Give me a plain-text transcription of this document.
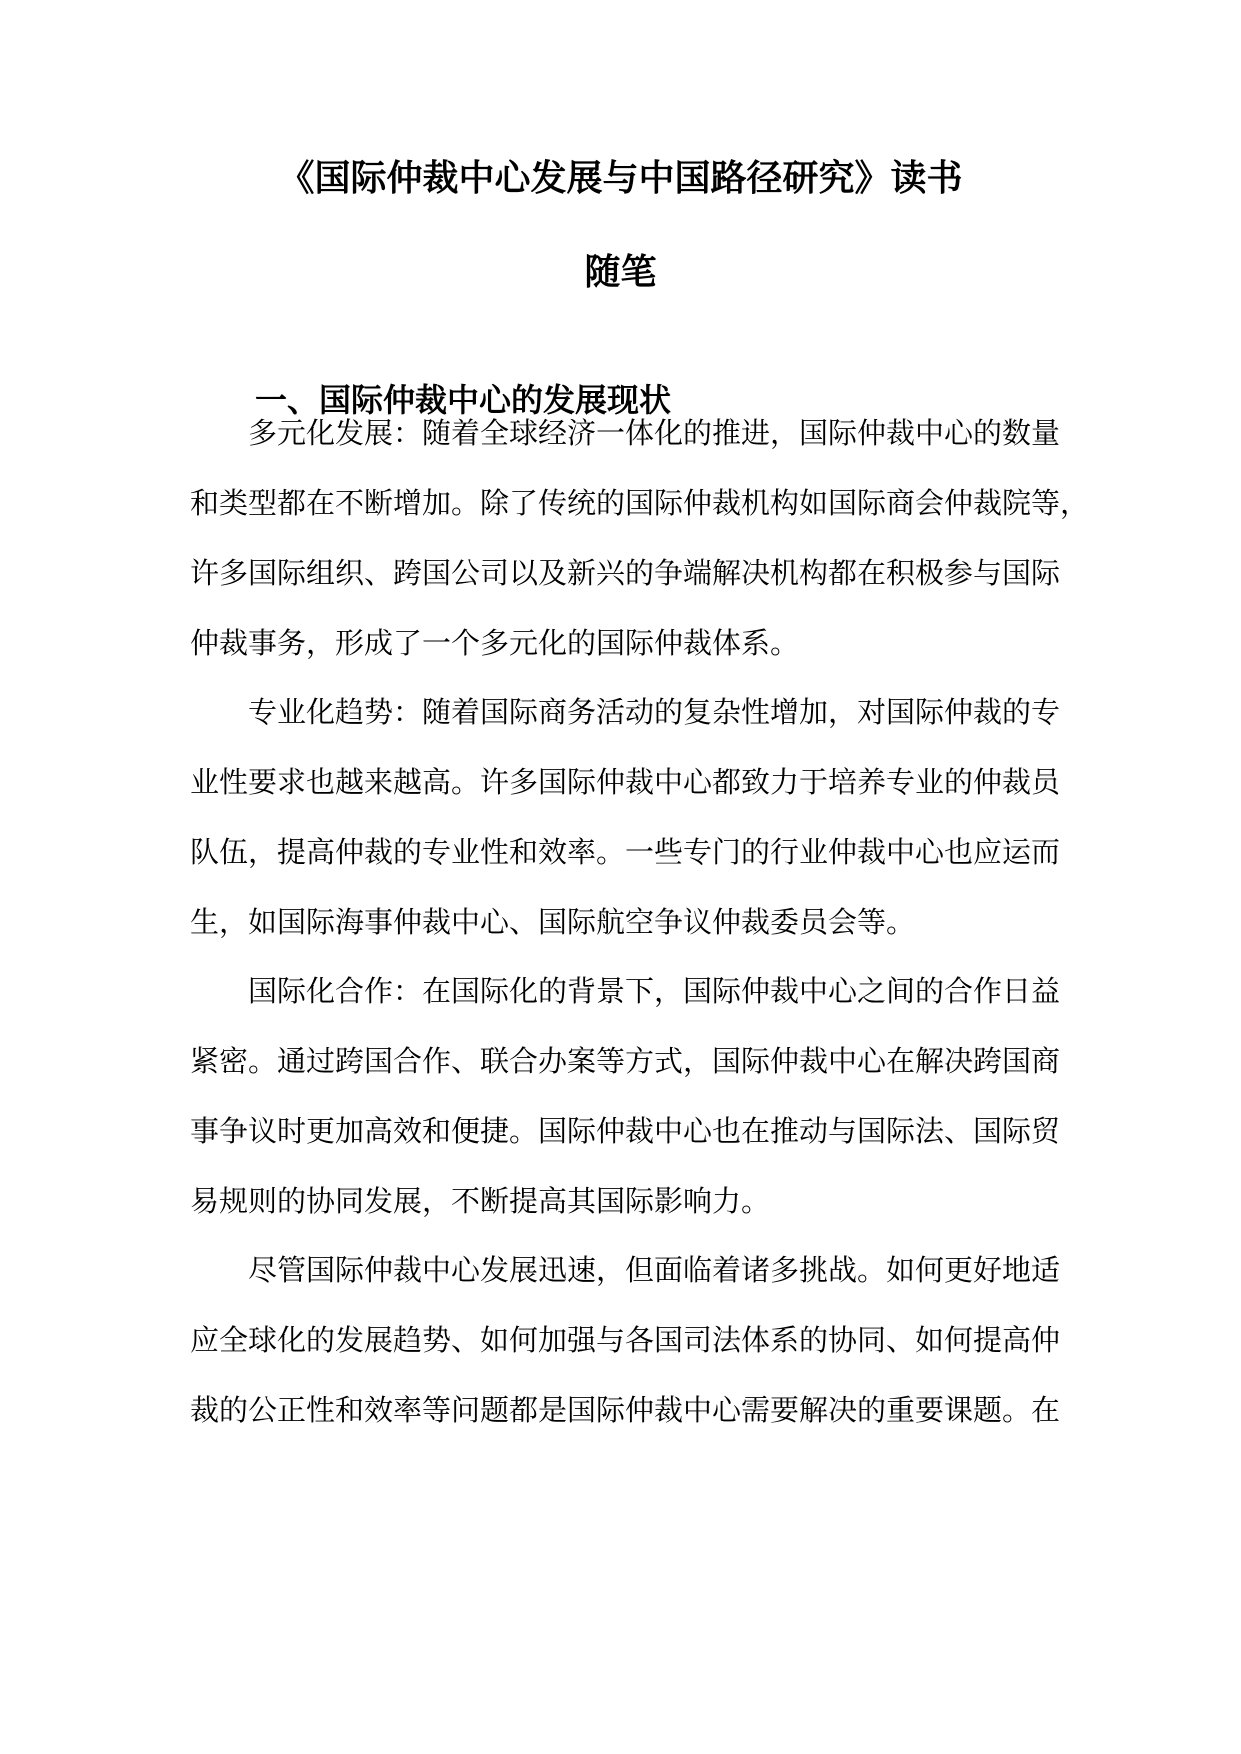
《国际仲裁中心发展与中国路径研究》读书
随笔
一、国际仲裁中心的发展现状

多元化发展：随着全球经济一体化的推进，国际仲裁中心的数量

和类型都在不断增加。除了传统的国际仲裁机构如国际商会仲裁院等，

许多国际组织、跨国公司以及新兴的争端解决机构都在积极参与国际

仲裁事务，形成了一个多元化的国际仲裁体系。

专业化趋势：随着国际商务活动的复杂性增加，对国际仲裁的专

业性要求也越来越高。许多国际仲裁中心都致力于培养专业的仲裁员

队伍，提高仲裁的专业性和效率。一些专门的行业仲裁中心也应运而

生，如国际海事仲裁中心、国际航空争议仲裁委员会等。

国际化合作：在国际化的背景下，国际仲裁中心之间的合作日益

紧密。通过跨国合作、联合办案等方式，国际仲裁中心在解决跨国商

事争议时更加高效和便捷。国际仲裁中心也在推动与国际法、国际贸

易规则的协同发展，不断提高其国际影响力。

尽管国际仲裁中心发展迅速，但面临着诸多挑战。如何更好地适

应全球化的发展趋势、如何加强与各国司法体系的协同、如何提高仲

裁的公正性和效率等问题都是国际仲裁中心需要解决的重要课题。在
